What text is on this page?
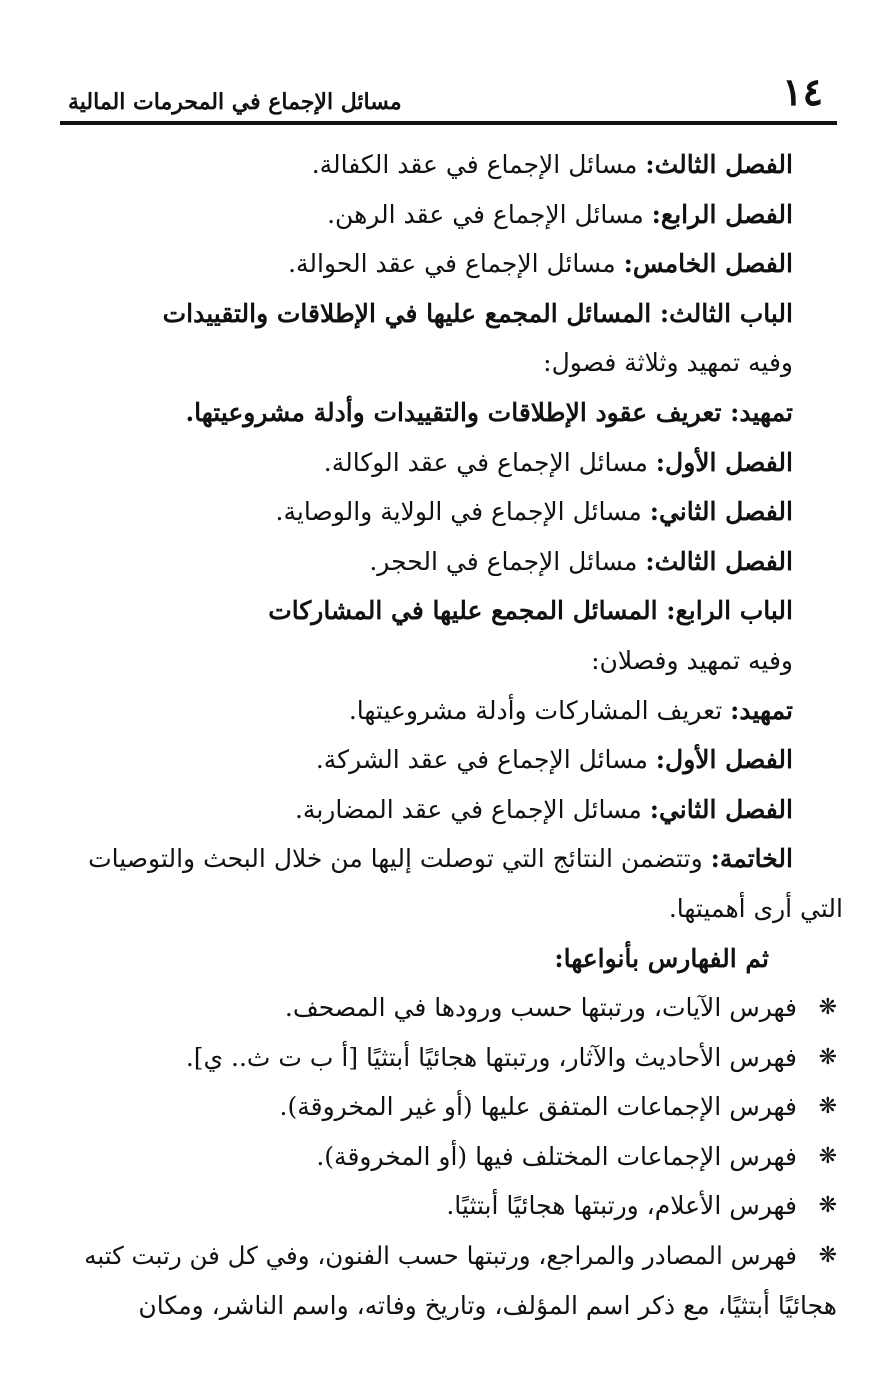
١٤
مسائل الإجماع في المحرمات المالية
الفصل الثالث: مسائل الإجماع في عقد الكفالة.
الفصل الرابع: مسائل الإجماع في عقد الرهن.
الفصل الخامس: مسائل الإجماع في عقد الحوالة.
الباب الثالث: المسائل المجمع عليها في الإطلاقات والتقييدات
وفيه تمهيد وثلاثة فصول:
تمهيد: تعريف عقود الإطلاقات والتقييدات وأدلة مشروعيتها.
الفصل الأول: مسائل الإجماع في عقد الوكالة.
الفصل الثاني: مسائل الإجماع في الولاية والوصاية.
الفصل الثالث: مسائل الإجماع في الحجر.
الباب الرابع: المسائل المجمع عليها في المشاركات
وفيه تمهيد وفصلان:
تمهيد: تعريف المشاركات وأدلة مشروعيتها.
الفصل الأول: مسائل الإجماع في عقد الشركة.
الفصل الثاني: مسائل الإجماع في عقد المضاربة.
الخاتمة: وتتضمن النتائج التي توصلت إليها من خلال البحث والتوصيات
التي أرى أهميتها.
ثم الفهارس بأنواعها:
❋
فهرس الآيات، ورتبتها حسب ورودها في المصحف.
❋
فهرس الأحاديث والآثار، ورتبتها هجائيًا أبتثيًا [أ ب ت ث.. ي].
❋
فهرس الإجماعات المتفق عليها (أو غير المخروقة).
❋
فهرس الإجماعات المختلف فيها (أو المخروقة).
❋
فهرس الأعلام، ورتبتها هجائيًا أبتثيًا.
❋
فهرس المصادر والمراجع، ورتبتها حسب الفنون، وفي كل فن رتبت كتبه
هجائيًا أبتثيًا، مع ذكر اسم المؤلف، وتاريخ وفاته، واسم الناشر، ومكان
